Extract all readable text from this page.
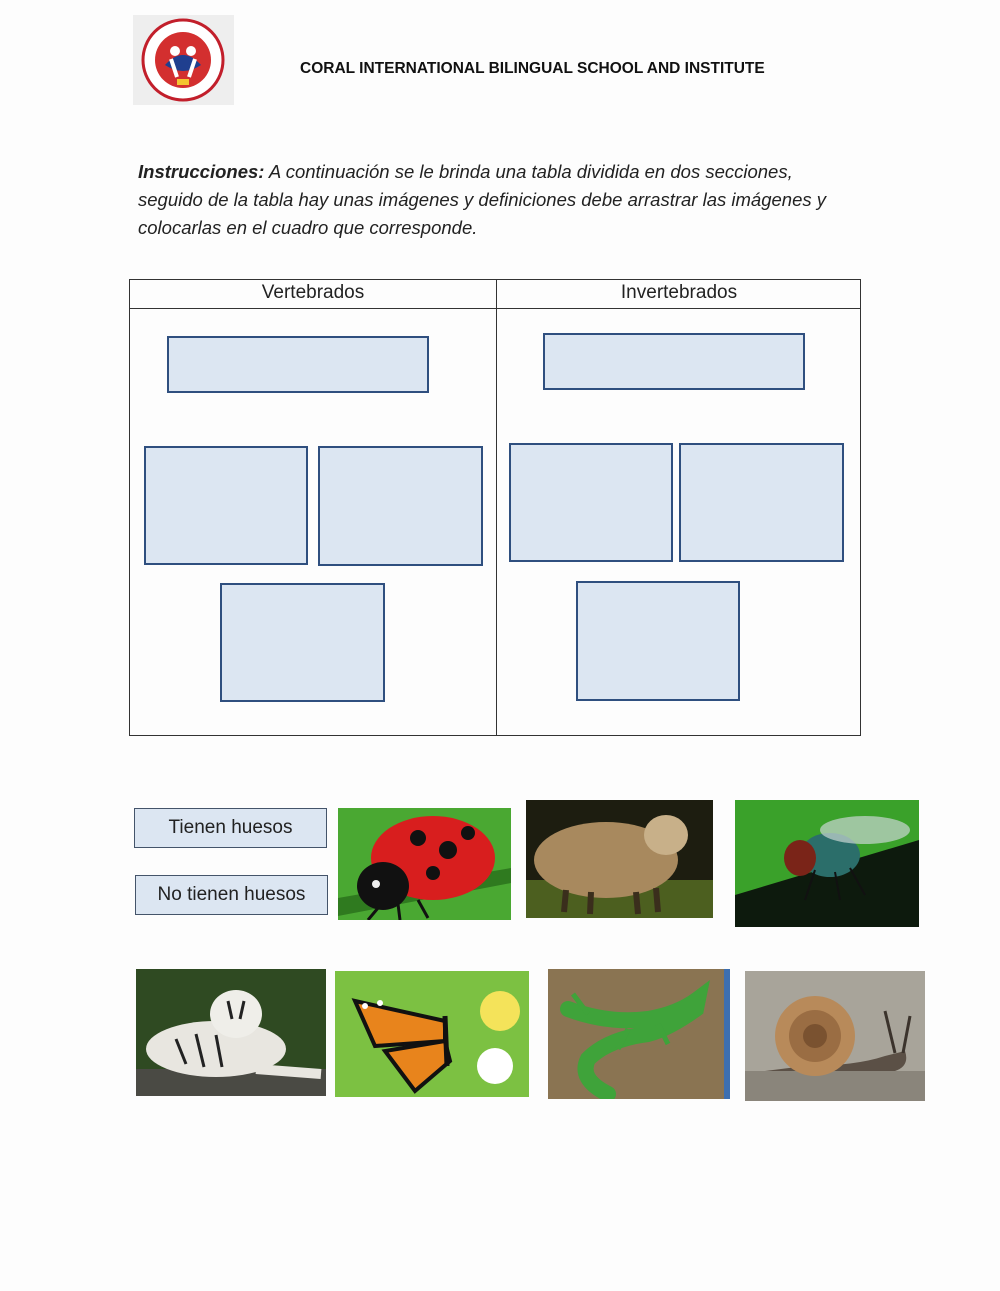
CORAL INTERNATIONAL BILINGUAL SCHOOL AND INSTITUTE
Instrucciones: A continuación se le brinda una tabla dividida en dos secciones, seguido de la tabla hay unas imágenes y definiciones debe arrastrar las imágenes y colocarlas en el cuadro que corresponde.
Vertebrados	Invertebrados
Tienen huesos
No tienen huesos
